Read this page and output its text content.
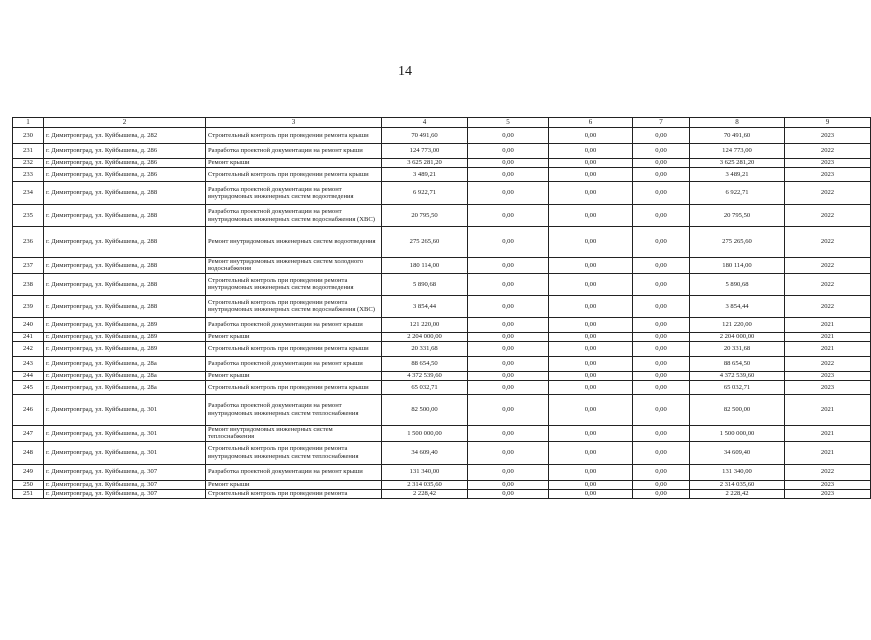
14
1	2	3	4	5	6	7	8	9
230	г. Димитровград, ул. Куйбышева, д. 282	Строительный контроль при проведении ремонта крыши	70 491,60	0,00	0,00	0,00	70 491,60	2023
231	г. Димитровград, ул. Куйбышева, д. 286	Разработка проектной документации на ремонт крыши	124 773,00	0,00	0,00	0,00	124 773,00	2022
232	г. Димитровград, ул. Куйбышева, д. 286	Ремонт крыши	3 625 281,20	0,00	0,00	0,00	3 625 281,20	2023
233	г. Димитровград, ул. Куйбышева, д. 286	Строительный контроль при проведении ремонта крыши	3 489,21	0,00	0,00	0,00	3 489,21	2023
234	г. Димитровград, ул. Куйбышева, д. 288	Разработка проектной документации на ремонт внутридомовых инженерных систем водоотведения	6 922,71	0,00	0,00	0,00	6 922,71	2022
235	г. Димитровград, ул. Куйбышева, д. 288	Разработка проектной документации на ремонт внутридомовых инженерных систем водоснабжения (ХВС)	20 795,50	0,00	0,00	0,00	20 795,50	2022
236	г. Димитровград, ул. Куйбышева, д. 288	Ремонт внутридомовых инженерных систем водоотведения	275 265,60	0,00	0,00	0,00	275 265,60	2022
237	г. Димитровград, ул. Куйбышева, д. 288	Ремонт внутридомовых инженерных систем холодного водоснабжения	180 114,00	0,00	0,00	0,00	180 114,00	2022
238	г. Димитровград, ул. Куйбышева, д. 288	Строительный контроль при проведении ремонта внутридомовых инженерных систем водоотведения	5 890,68	0,00	0,00	0,00	5 890,68	2022
239	г. Димитровград, ул. Куйбышева, д. 288	Строительный контроль при проведении ремонта внутридомовых инженерных систем водоснабжения (ХВС)	3 854,44	0,00	0,00	0,00	3 854,44	2022
240	г. Димитровград, ул. Куйбышева, д. 289	Разработка проектной документации на ремонт крыши	121 220,00	0,00	0,00	0,00	121 220,00	2021
241	г. Димитровград, ул. Куйбышева, д. 289	Ремонт крыши	2 204 000,00	0,00	0,00	0,00	2 204 000,00	2021
242	г. Димитровград, ул. Куйбышева, д. 289	Строительный контроль при проведении ремонта крыши	20 331,68	0,00	0,00	0,00	20 331,68	2021
243	г. Димитровград, ул. Куйбышева, д. 28а	Разработка проектной документации на ремонт крыши	88 654,50	0,00	0,00	0,00	88 654,50	2022
244	г. Димитровград, ул. Куйбышева, д. 28а	Ремонт крыши	4 372 539,60	0,00	0,00	0,00	4 372 539,60	2023
245	г. Димитровград, ул. Куйбышева, д. 28а	Строительный контроль при проведении ремонта крыши	65 032,71	0,00	0,00	0,00	65 032,71	2023
246	г. Димитровград, ул. Куйбышева, д. 301	Разработка проектной документации на ремонт внутридомовых инженерных систем теплоснабжения	82 500,00	0,00	0,00	0,00	82 500,00	2021
247	г. Димитровград, ул. Куйбышева, д. 301	Ремонт внутридомовых инженерных систем теплоснабжения	1 500 000,00	0,00	0,00	0,00	1 500 000,00	2021
248	г. Димитровград, ул. Куйбышева, д. 301	Строительный контроль при проведении ремонта внутридомовых инженерных систем теплоснабжения	34 609,40	0,00	0,00	0,00	34 609,40	2021
249	г. Димитровград, ул. Куйбышева, д. 307	Разработка проектной документации на ремонт крыши	131 340,00	0,00	0,00	0,00	131 340,00	2022
250	г. Димитровград, ул. Куйбышева, д. 307	Ремонт крыши	2 314 035,60	0,00	0,00	0,00	2 314 035,60	2023
251	г. Димитровград, ул. Куйбышева, д. 307	Строительный контроль при проведении ремонта	2 228,42	0,00	0,00	0,00	2 228,42	2023
